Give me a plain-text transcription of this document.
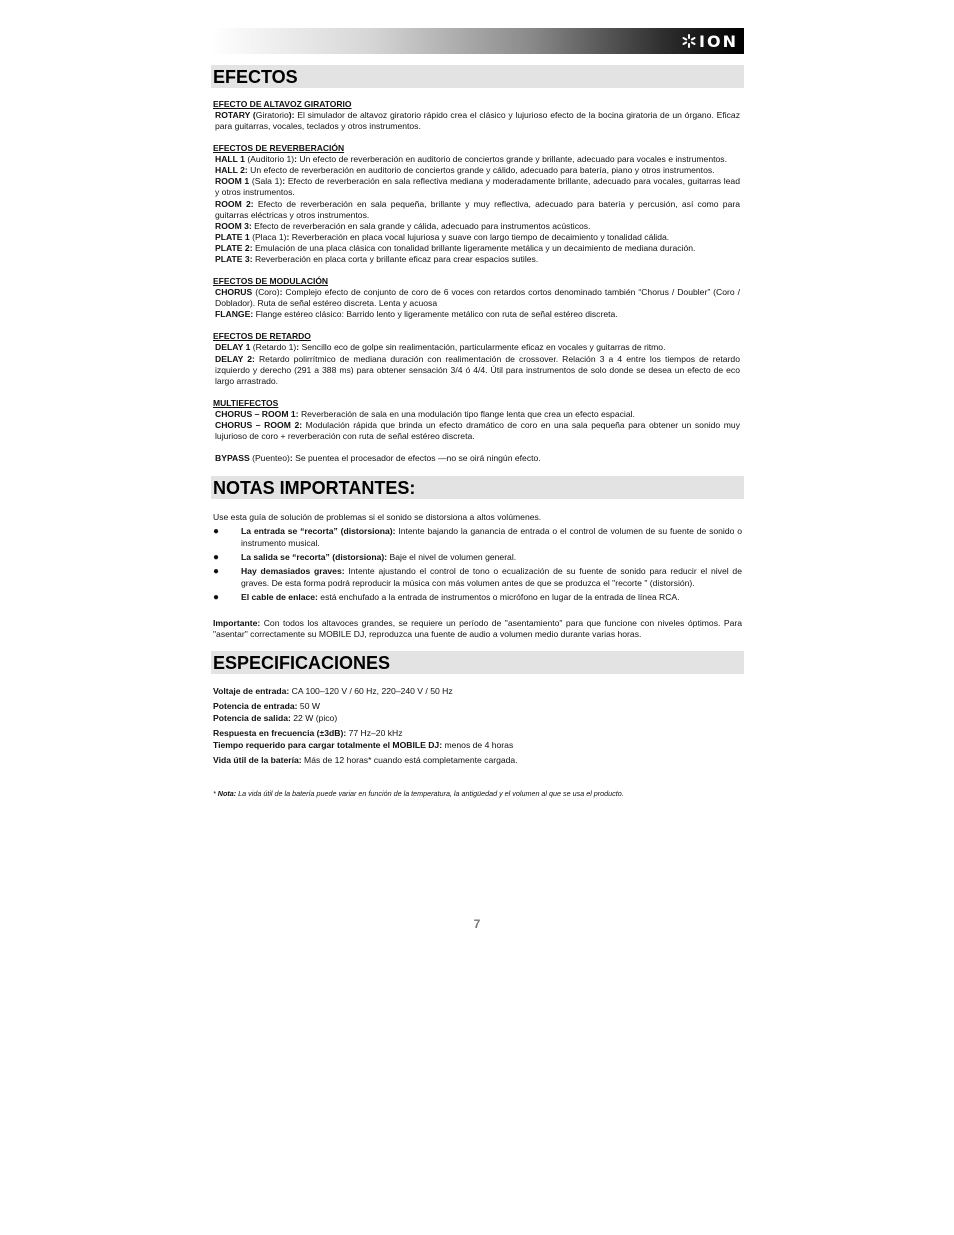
ION
EFECTOS
EFECTO DE ALTAVOZ GIRATORIO

ROTARY (Giratorio): El simulador de altavoz giratorio rápido crea el clásico y lujurioso efecto de la bocina giratoria de un órgano. Eficaz para guitarras, vocales, teclados y otros instrumentos.

EFECTOS DE REVERBERACIÓN

HALL 1 (Auditorio 1): Un efecto de reverberación en auditorio de conciertos grande y brillante, adecuado para vocales e instrumentos.

HALL 2: Un efecto de reverberación en auditorio de conciertos grande y cálido, adecuado para batería, piano y otros instrumentos.

ROOM 1 (Sala 1): Efecto de reverberación en sala reflectiva mediana y moderadamente brillante, adecuado para vocales, guitarras lead y otros instrumentos.

ROOM 2: Efecto de reverberación en sala pequeña, brillante y muy reflectiva, adecuado para batería y percusión, así como para guitarras eléctricas y otros instrumentos.

ROOM 3: Efecto de reverberación en sala grande y cálida, adecuado para instrumentos acústicos.

PLATE 1 (Placa 1): Reverberación en placa vocal lujuriosa y suave con largo tiempo de decaimiento y tonalidad cálida.

PLATE 2: Emulación de una placa clásica con tonalidad brillante ligeramente metálica y un decaimiento de mediana duración.

PLATE 3: Reverberación en placa corta y brillante eficaz para crear espacios sutiles.

EFECTOS DE MODULACIÓN

CHORUS (Coro): Complejo efecto de conjunto de coro de 6 voces con retardos cortos denominado también “Chorus / Doubler” (Coro / Doblador). Ruta de señal estéreo discreta. Lenta y acuosa

FLANGE: Flange estéreo clásico: Barrido lento y ligeramente metálico con ruta de señal estéreo discreta.

EFECTOS DE RETARDO

DELAY 1 (Retardo 1): Sencillo eco de golpe sin realimentación, particularmente eficaz en vocales y guitarras de ritmo.

DELAY 2: Retardo polirrítmico de mediana duración con realimentación de crossover. Relación 3 a 4 entre los tiempos de retardo izquierdo y derecho (291 a 388 ms) para obtener sensación 3/4 ó 4/4. Útil para instrumentos de solo donde se desea un efecto de eco largo arrastrado.

MULTIEFECTOS

CHORUS – ROOM 1: Reverberación de sala en una modulación tipo flange lenta que crea un efecto espacial.

CHORUS – ROOM 2: Modulación rápida que brinda un efecto dramático de coro en una sala pequeña para obtener un sonido muy lujurioso de coro + reverberación con ruta de señal estéreo discreta.

BYPASS (Puenteo): Se puentea el procesador de efectos —no se oirá ningún efecto.

NOTAS IMPORTANTES:
Use esta guía de solución de problemas si el sonido se distorsiona a altos volúmenes.
●	La entrada se “recorta” (distorsiona): Intente bajando la ganancia de entrada o el control de volumen de su fuente de sonido o instrumento musical.
●	La salida se “recorta” (distorsiona): Baje el nivel de volumen general.
●	Hay demasiados graves: Intente ajustando el control de tono o ecualización de su fuente de sonido para reducir el nivel de graves. De esta forma podrá reproducir la música con más volumen antes de que se produzca el "recorte " (distorsión).
●	El cable de enlace: está enchufado a la entrada de instrumentos o micrófono en lugar de la entrada de línea RCA.

Importante: Con todos los altavoces grandes, se requiere un período de "asentamiento" para que funcione con niveles óptimos. Para "asentar" correctamente su MOBILE DJ, reproduzca una fuente de audio a volumen medio durante varias horas.

ESPECIFICACIONES
Voltaje de entrada: CA 100–120 V / 60 Hz, 220–240 V / 50 Hz
Potencia de entrada: 50 W
Potencia de salida: 22 W (pico)
Respuesta en frecuencia (±3dB): 77 Hz–20 kHz
Tiempo requerido para cargar totalmente el MOBILE DJ: menos de 4 horas
Vida útil de la batería: Más de 12 horas* cuando está completamente cargada.
* Nota: La vida útil de la batería puede variar en función de la temperatura, la antigüedad y el volumen al que se usa el producto.
7
